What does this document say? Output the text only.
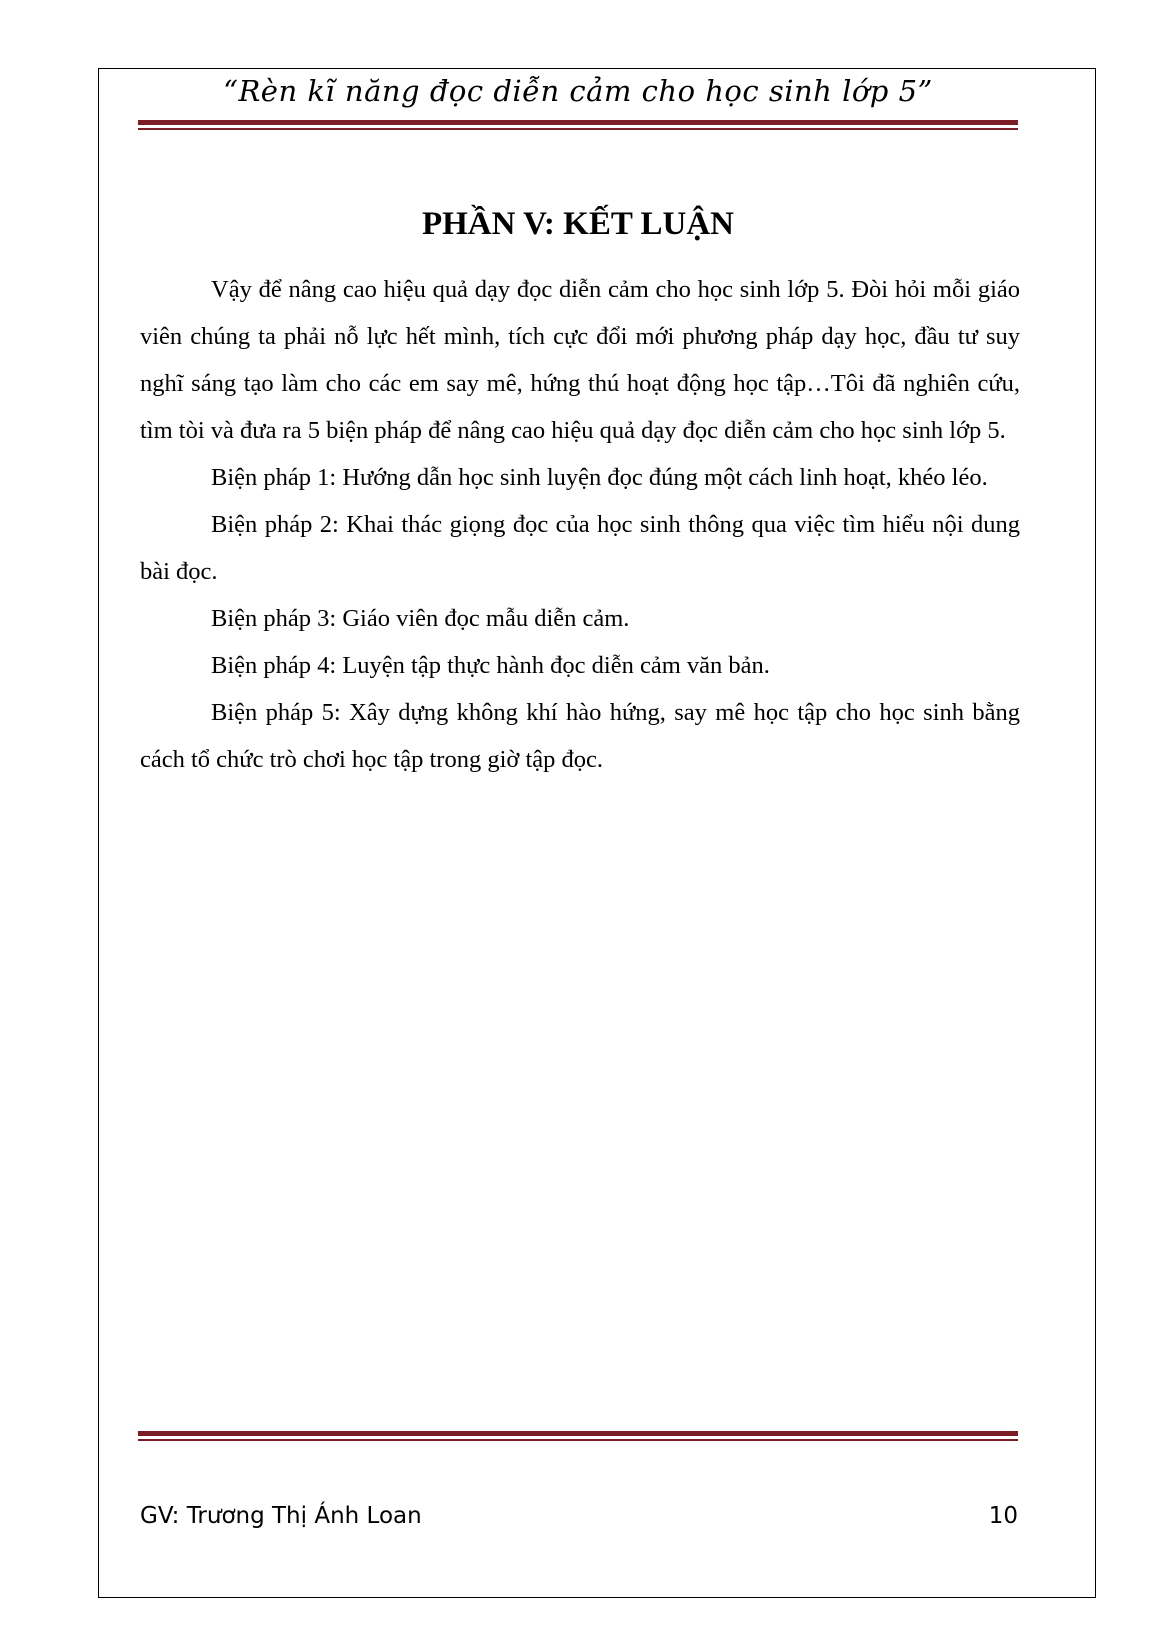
“Rèn kĩ năng đọc diễn cảm cho học sinh lớp 5”
PHẦN V: KẾT LUẬN

Vậy để nâng cao hiệu quả dạy đọc diễn cảm cho học sinh lớp 5. Đòi hỏi mỗi giáo viên chúng ta phải nỗ lực hết mình, tích cực đổi mới phương pháp dạy học, đầu tư suy nghĩ sáng tạo làm cho các em say mê, hứng thú hoạt động học tập…Tôi đã nghiên cứu, tìm tòi và đưa ra 5 biện pháp để nâng cao hiệu quả dạy đọc diễn cảm cho học sinh lớp 5.

Biện pháp 1: Hướng dẫn học sinh luyện đọc đúng một cách linh hoạt, khéo léo.

Biện pháp 2: Khai thác giọng đọc của học sinh thông qua việc tìm hiểu nội dung bài đọc.

Biện pháp 3: Giáo viên đọc mẫu diễn cảm.

Biện pháp 4: Luyện tập thực hành đọc diễn cảm văn bản.

Biện pháp 5: Xây dựng không khí hào hứng, say mê học tập cho học sinh bằng cách tổ chức trò chơi học tập trong giờ tập đọc.

GV: Trương Thị Ánh Loan	10
